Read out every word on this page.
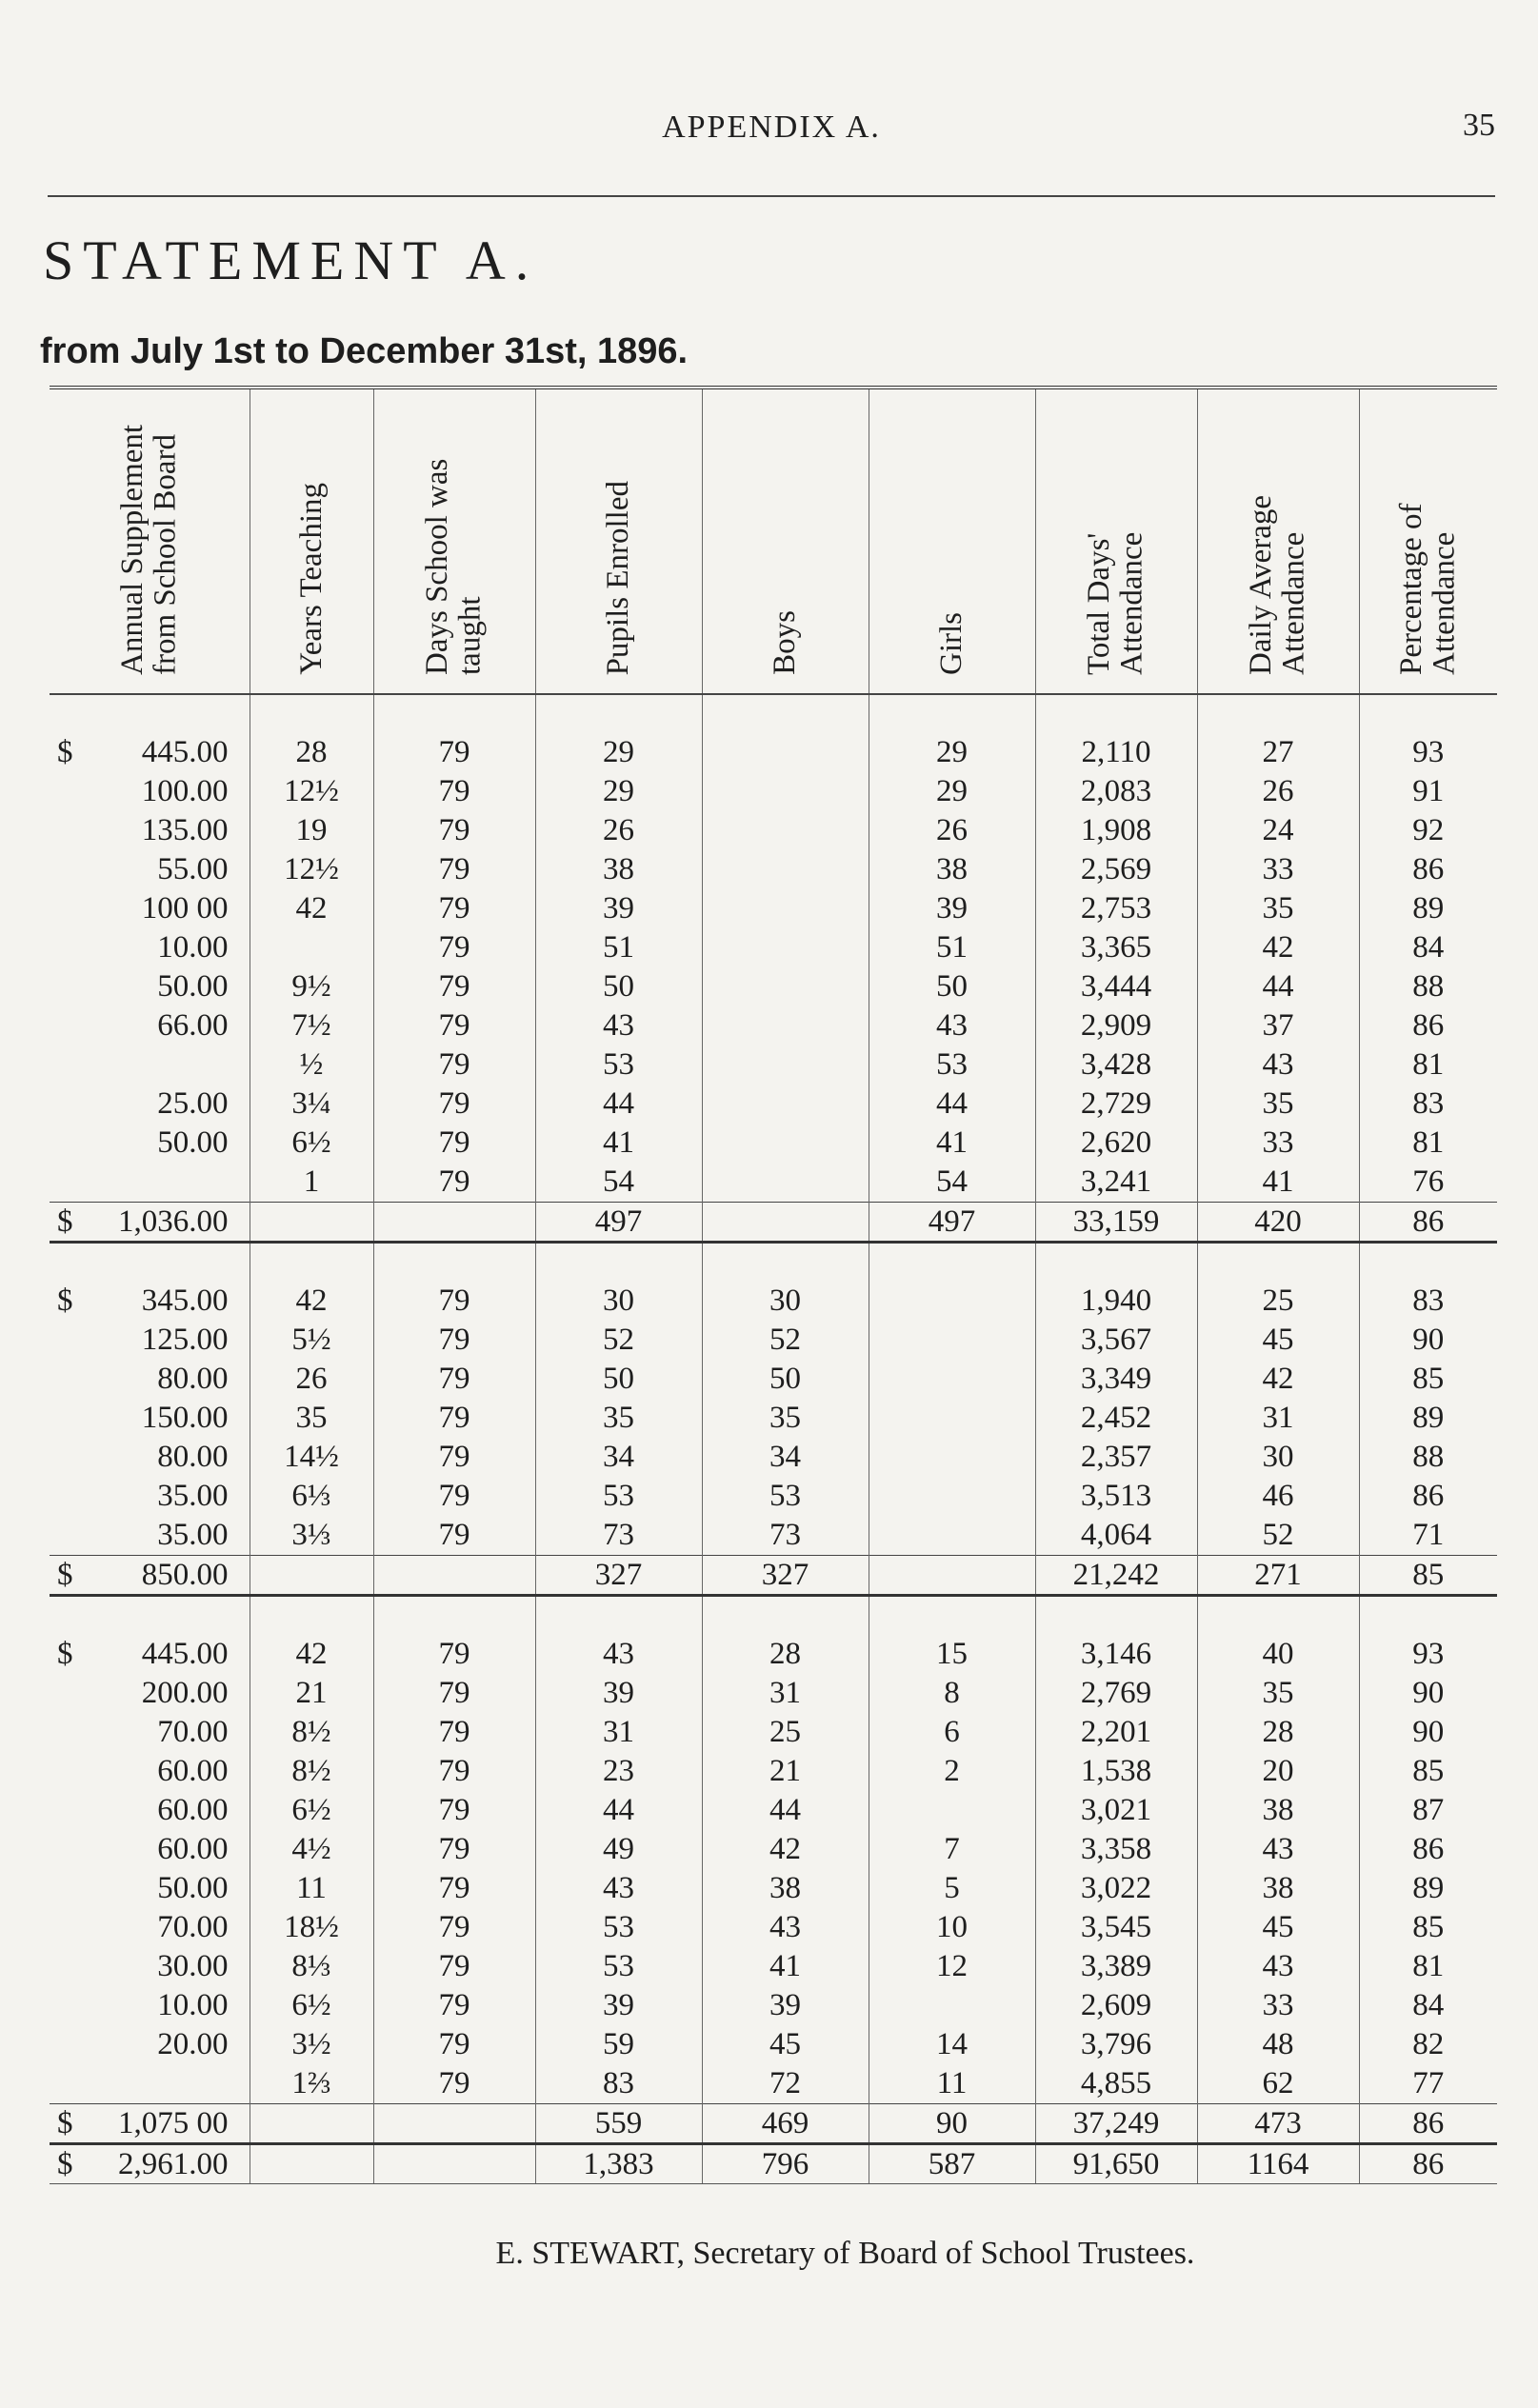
APPENDIX A.	35
STATEMENT A.
from July 1st to December 31st, 1896.
Annual Supplement from School Board	Years Teaching	Days School was taught	Pupils Enrolled	Boys	Girls	Total Days' Attendance	Daily Average Attendance	Percentage of Attendance

$ 445.00	28	79	29		29	2,110	27	93

100.00	12½	79	29		29	2,083	26	91

135.00	19	79	26		26	1,908	24	92

55.00	12½	79	38		38	2,569	33	86

100 00	42	79	39		39	2,753	35	89

10.00		79	51		51	3,365	42	84

50.00	9½	79	50		50	3,444	44	88

66.00	7½	79	43		43	2,909	37	86

	½	79	53		53	3,428	43	81

25.00	3¼	79	44		44	2,729	35	83

50.00	6½	79	41		41	2,620	33	81

	1	79	54		54	3,241	41	76

$ 1,036.00			497		497	33,159	420	86

$ 345.00	42	79	30	30		1,940	25	83

125.00	5½	79	52	52		3,567	45	90

80.00	26	79	50	50		3,349	42	85

150.00	35	79	35	35		2,452	31	89

80.00	14½	79	34	34		2,357	30	88

35.00	6⅓	79	53	53		3,513	46	86

35.00	3⅓	79	73	73		4,064	52	71

$ 850.00			327	327		21,242	271	85

$ 445.00	42	79	43	28	15	3,146	40	93

200.00	21	79	39	31	8	2,769	35	90

70.00	8½	79	31	25	6	2,201	28	90

60.00	8½	79	23	21	2	1,538	20	85

60.00	6½	79	44	44		3,021	38	87

60.00	4½	79	49	42	7	3,358	43	86

50.00	11	79	43	38	5	3,022	38	89

70.00	18½	79	53	43	10	3,545	45	85

30.00	8⅓	79	53	41	12	3,389	43	81

10.00	6½	79	39	39		2,609	33	84

20.00	3½	79	59	45	14	3,796	48	82

	1⅔	79	83	72	11	4,855	62	77

$ 1,075 00			559	469	90	37,249	473	86

$ 2,961.00			1,383	796	587	91,650	1164	86
E. STEWART, Secretary of Board of School Trustees.
